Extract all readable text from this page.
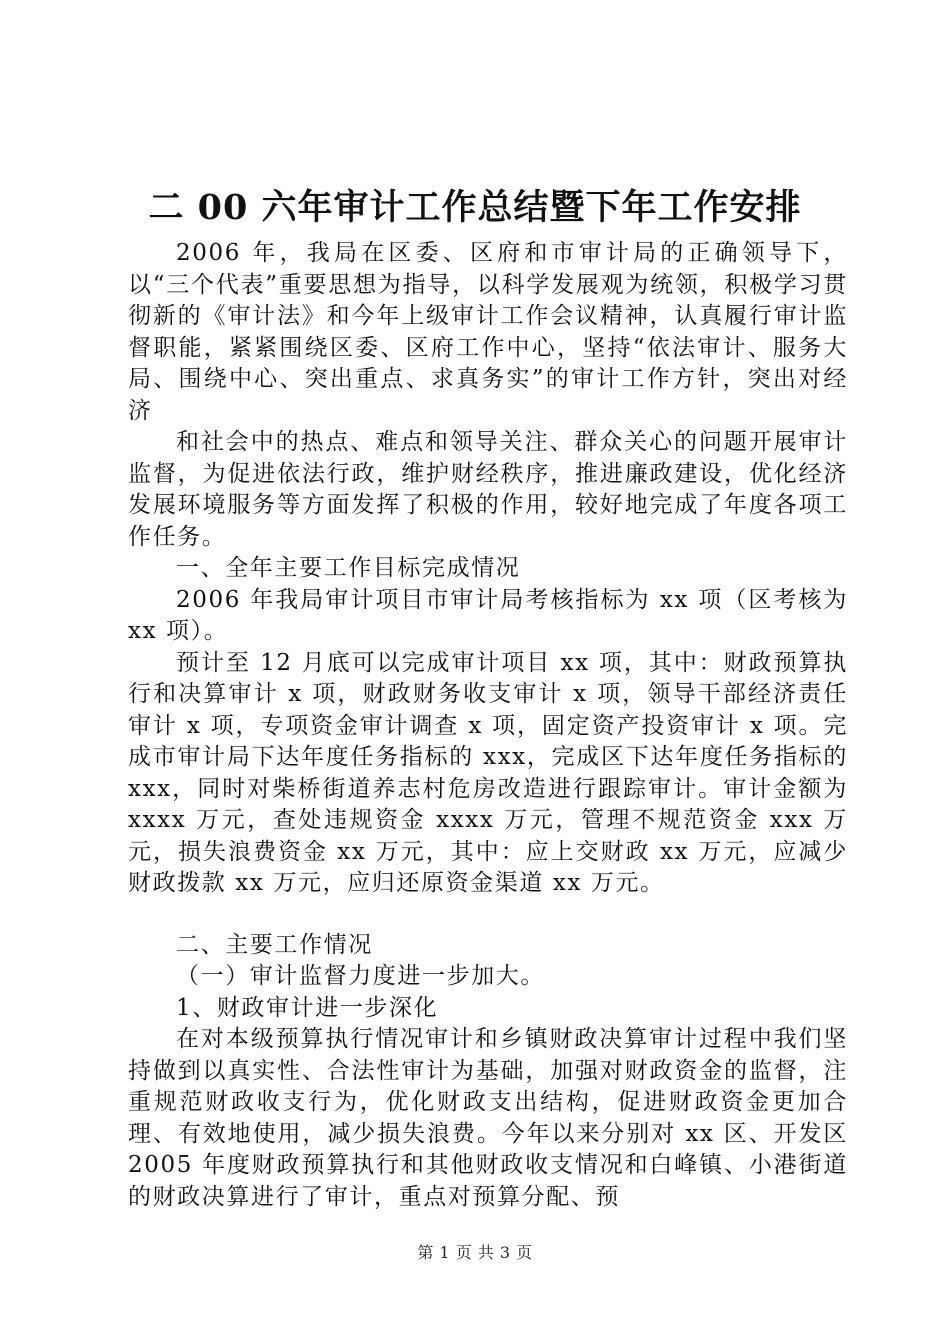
二 00 六年审计工作总结暨下年工作安排

2006 年，我局在区委、区府和市审计局的正确领导下，以“三个代表”重要思想为指导，以科学发展观为统领，积极学习贯彻新的《审计法》和今年上级审计工作会议精神，认真履行审计监督职能，紧紧围绕区委、区府工作中心，坚持“依法审计、服务大局、围绕中心、突出重点、求真务实”的审计工作方针，突出对经济

和社会中的热点、难点和领导关注、群众关心的问题开展审计监督，为促进依法行政，维护财经秩序，推进廉政建设，优化经济发展环境服务等方面发挥了积极的作用，较好地完成了年度各项工作任务。

一、全年主要工作目标完成情况

2006 年我局审计项目市审计局考核指标为 xx 项（区考核为 xx 项）。

预计至 12 月底可以完成审计项目 xx 项，其中：财政预算执行和决算审计 x 项，财政财务收支审计 x 项，领导干部经济责任审计 x 项，专项资金审计调查 x 项，固定资产投资审计 x 项。完成市审计局下达年度任务指标的 xxx，完成区下达年度任务指标的 xxx，同时对柴桥街道养志村危房改造进行跟踪审计。审计金额为 xxxx 万元，查处违规资金 xxxx 万元，管理不规范资金 xxx 万元，损失浪费资金 xx 万元，其中：应上交财政 xx 万元，应减少财政拨款 xx 万元，应归还原资金渠道 xx 万元。

二、主要工作情况

（一）审计监督力度进一步加大。

1、财政审计进一步深化

在对本级预算执行情况审计和乡镇财政决算审计过程中我们坚持做到以真实性、合法性审计为基础，加强对财政资金的监督，注重规范财政收支行为，优化财政支出结构，促进财政资金更加合理、有效地使用，减少损失浪费。今年以来分别对 xx 区、开发区 2005 年度财政预算执行和其他财政收支情况和白峰镇、小港街道的财政决算进行了审计，重点对预算分配、预

第 1 页 共 3 页
